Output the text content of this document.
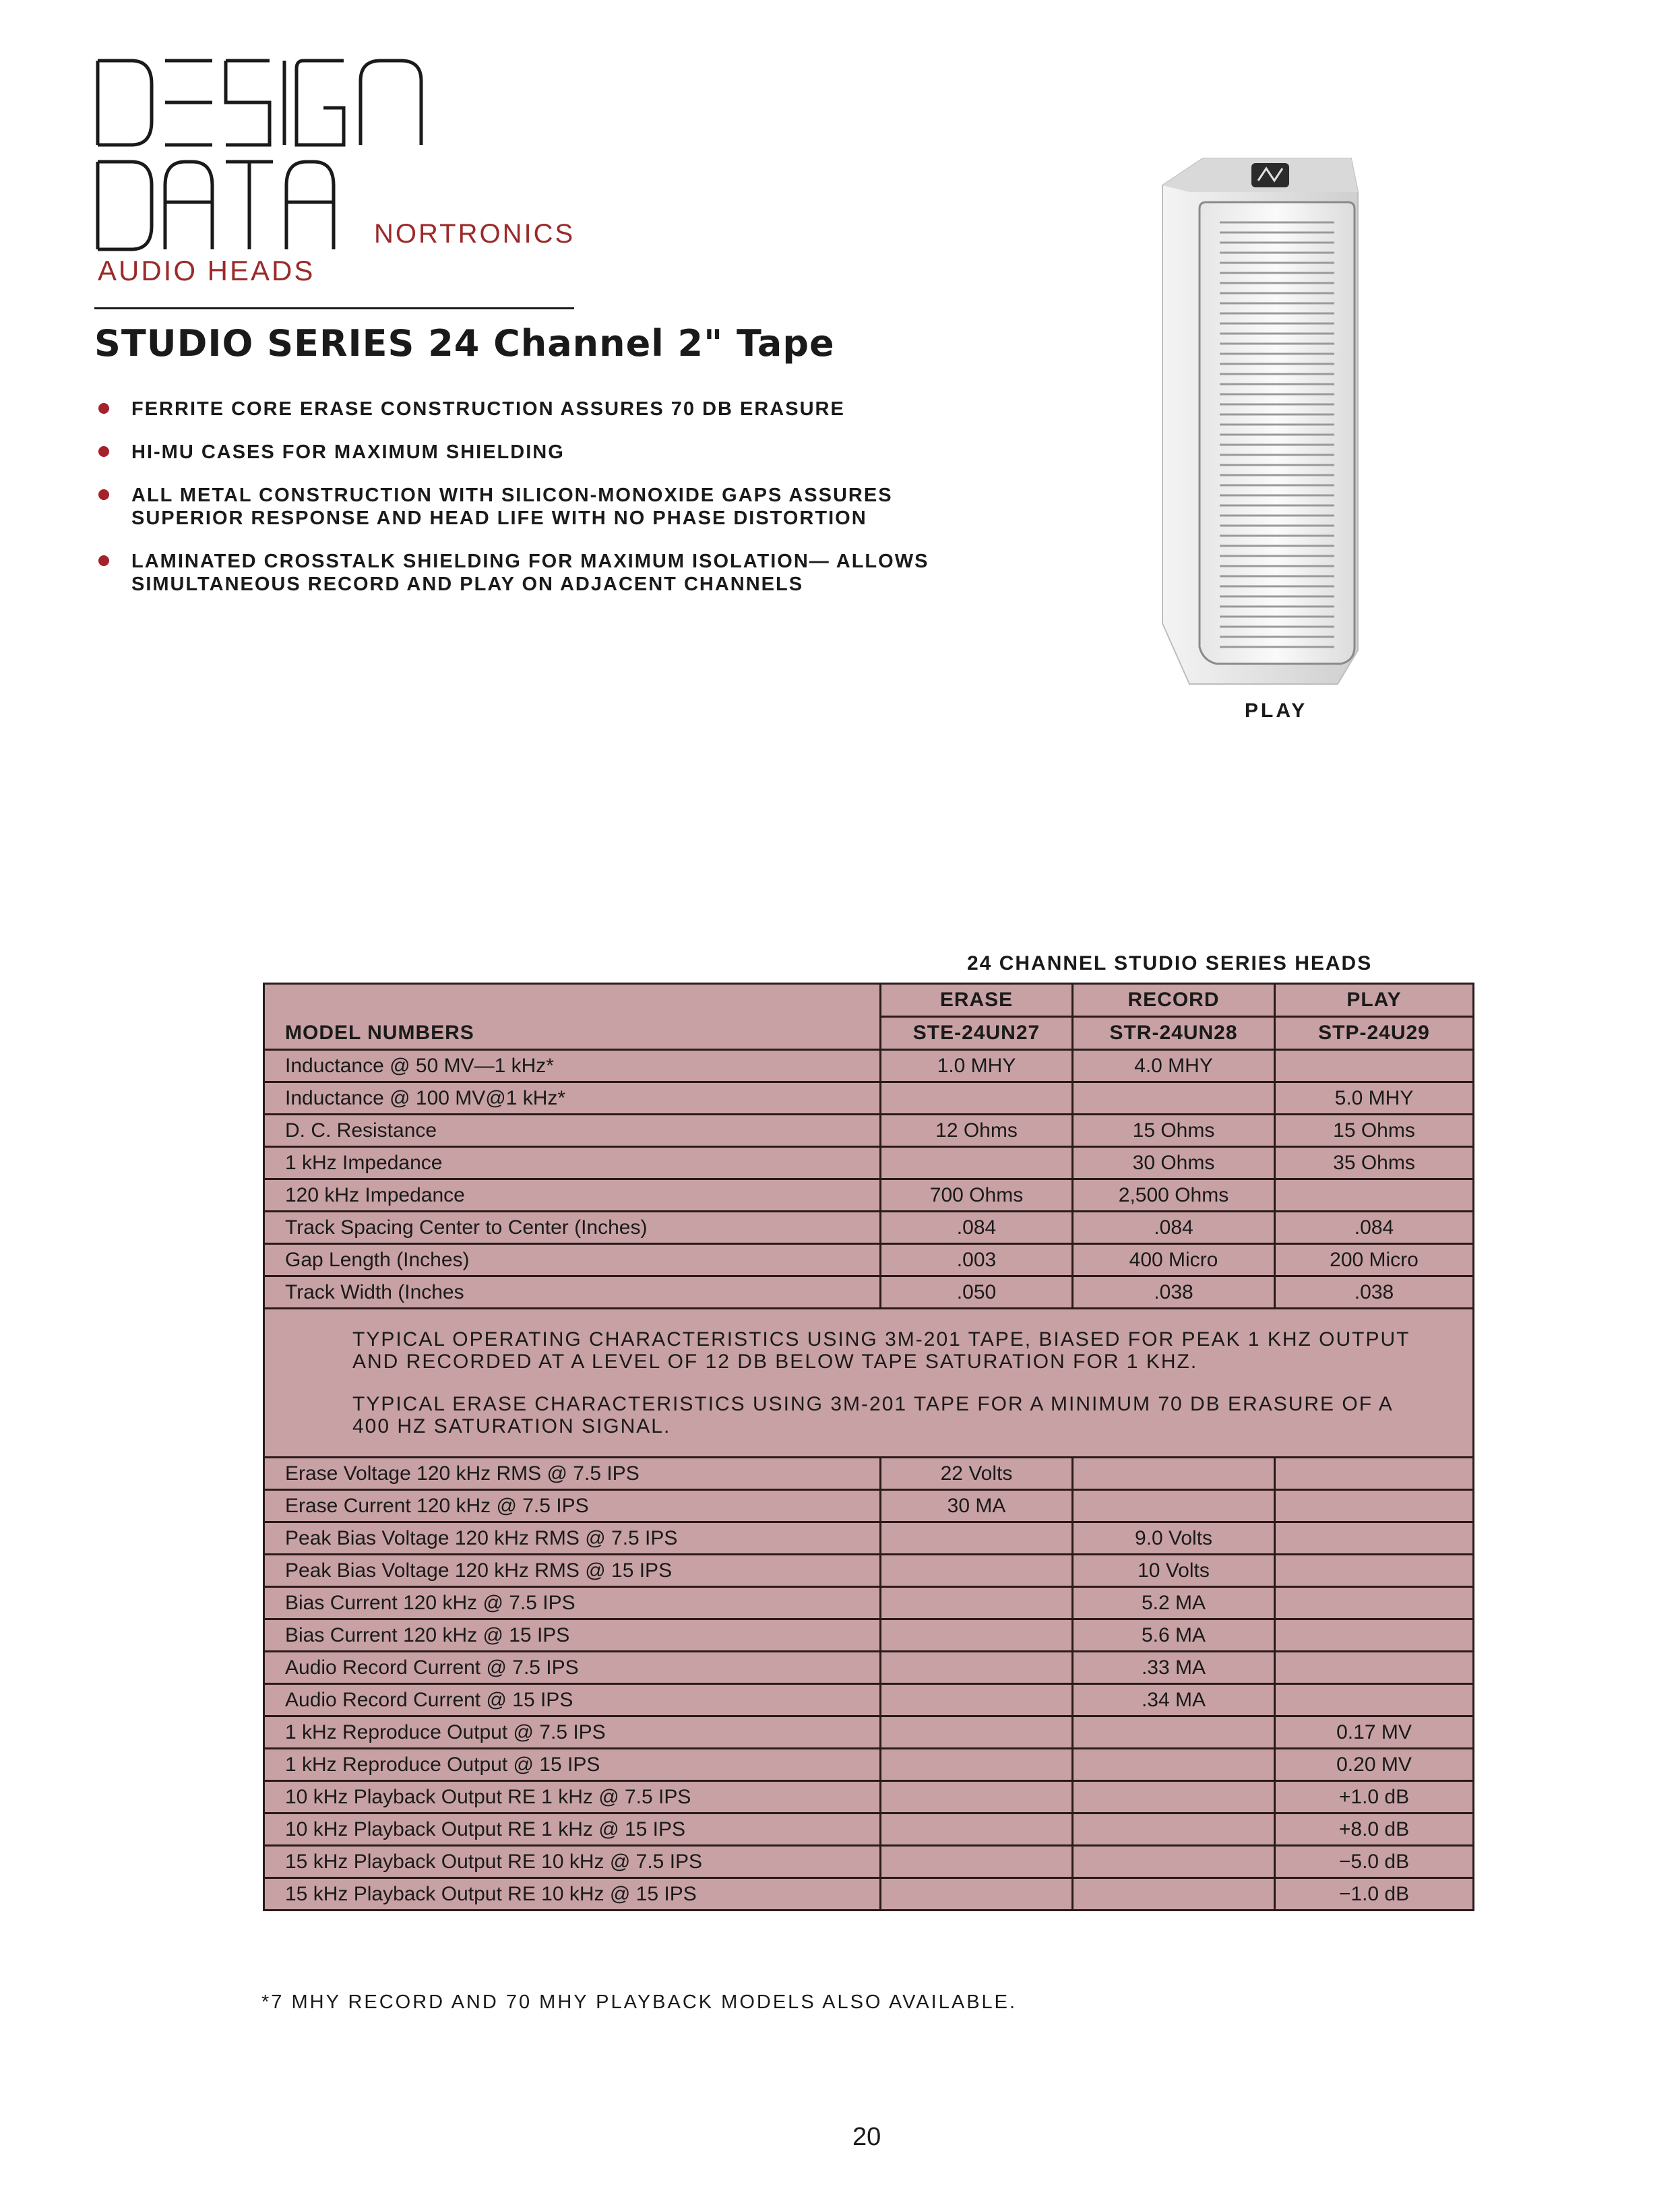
NORTRONICS
AUDIO HEADS
STUDIO SERIES 24 Channel 2" Tape
FERRITE CORE ERASE CONSTRUCTION ASSURES 70 DB ERASURE
HI-MU CASES FOR MAXIMUM SHIELDING
ALL METAL CONSTRUCTION WITH SILICON-MONOXIDE GAPS ASSURES SUPERIOR RESPONSE AND HEAD LIFE WITH NO PHASE DISTORTION
LAMINATED CROSSTALK SHIELDING FOR MAXIMUM ISOLATION— ALLOWS SIMULTANEOUS RECORD AND PLAY ON ADJACENT CHANNELS
PLAY
24 CHANNEL STUDIO SERIES HEADS
MODEL NUMBERS	ERASE	RECORD	PLAY
	STE-24UN27	STR-24UN28	STP-24U29
Inductance @ 50 MV—1 kHz*	1.0 MHY	4.0 MHY	
Inductance @ 100 MV@1 kHz*			5.0 MHY
D. C. Resistance	12 Ohms	15 Ohms	15 Ohms
1 kHz Impedance		30 Ohms	35 Ohms
120 kHz Impedance	700 Ohms	2,500 Ohms	
Track Spacing Center to Center (Inches)	.084	.084	.084
Gap Length (Inches)	.003	400 Micro	200 Micro
Track Width (Inches	.050	.038	.038

TYPICAL OPERATING CHARACTERISTICS USING 3M-201 TAPE, BIASED FOR PEAK 1 KHZ OUTPUT AND RECORDED AT A LEVEL OF 12 DB BELOW TAPE SATURATION FOR 1 KHZ.

TYPICAL ERASE CHARACTERISTICS USING 3M-201 TAPE FOR A MINIMUM 70 DB ERASURE OF A 400 HZ SATURATION SIGNAL.			

Erase Voltage 120 kHz RMS @ 7.5 IPS	22 Volts		
Erase Current 120 kHz @ 7.5 IPS	30 MA		
Peak Bias Voltage 120 kHz RMS @ 7.5 IPS		9.0 Volts	
Peak Bias Voltage 120 kHz RMS @ 15 IPS		10 Volts	
Bias Current 120 kHz @ 7.5 IPS		5.2 MA	
Bias Current 120 kHz @ 15 IPS		5.6 MA	
Audio Record Current @ 7.5 IPS		.33 MA	
Audio Record Current @ 15 IPS		.34 MA	
1 kHz Reproduce Output @ 7.5 IPS			0.17 MV
1 kHz Reproduce Output @ 15 IPS			0.20 MV
10 kHz Playback Output RE 1 kHz @ 7.5 IPS			+1.0 dB
10 kHz Playback Output RE 1 kHz @ 15 IPS			+8.0 dB
15 kHz Playback Output RE 10 kHz @ 7.5 IPS			−5.0 dB
15 kHz Playback Output RE 10 kHz @ 15 IPS			−1.0 dB
*7 MHY RECORD AND 70 MHY PLAYBACK MODELS ALSO AVAILABLE.
20
